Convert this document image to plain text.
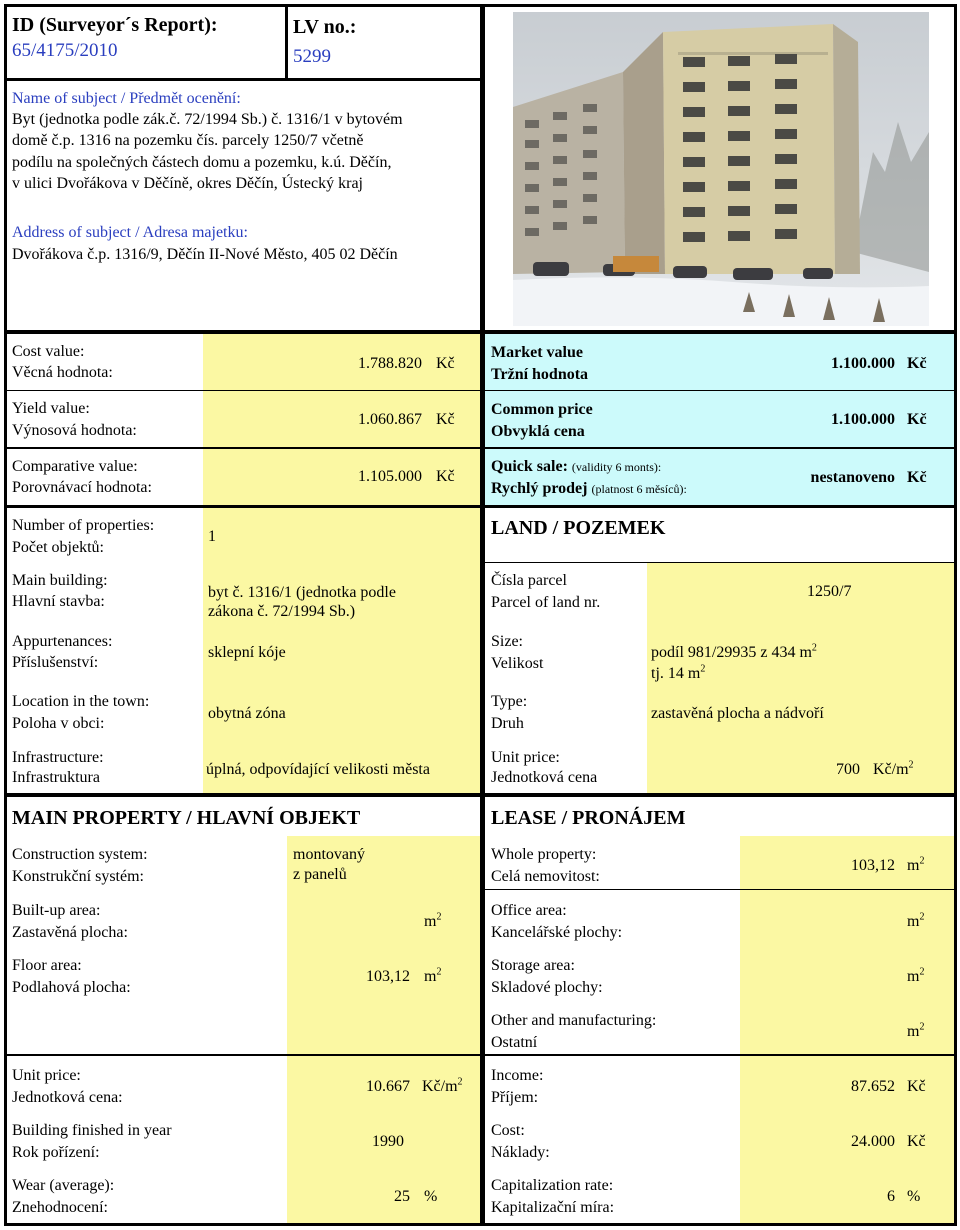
ID (Surveyor´s Report):
65/4175/2010
LV no.:
5299
Name of subject / Předmět ocenění:
Byt (jednotka podle zák.č. 72/1994 Sb.) č. 1316/1 v bytovém
domě č.p. 1316 na pozemku čís. parcely 1250/7 včetně
podílu na společných částech domu a pozemku, k.ú. Děčín,
v ulici Dvořákova v Děčíně, okres Děčín, Ústecký kraj
Address of subject / Adresa majetku:
Dvořákova č.p. 1316/9, Děčín II-Nové Město, 405 02 Děčín
Cost value:
Věcná hodnota:
1.788.820 Kč
Yield value:
Výnosová hodnota:
1.060.867 Kč
Comparative value:
Porovnávací hodnota:
1.105.000 Kč
Market value
Tržní hodnota
1.100.000 Kč
Common price
Obvyklá cena
1.100.000 Kč
Quick sale: (validity 6 monts):
Rychlý prodej (platnost 6 měsíců):
nestanoveno Kč
Number of properties:
Počet objektů:
1
Main building:
Hlavní stavba:
byt č. 1316/1 (jednotka podle
zákona č. 72/1994 Sb.)
Appurtenances:
Příslušenství:
sklepní kóje
Location in the town:
Poloha v obci:
obytná zóna
Infrastructure:
Infrastruktura	úplná, odpovídající velikosti města
LAND / POZEMEK
Čísla parcel
Parcel of land nr.
1250/7
Size:
Velikost
podíl 981/29935 z 434 $m^2$
tj. 14 $m^2$
Type:
Druh
zastavěná plocha a nádvoří
Unit price:
Jednotková cena	700 $Kč/m^2$
MAIN PROPERTY / HLAVNÍ OBJEKT
Construction system:
Konstrukční systém:
montovaný
z panelů
Built-up area:
Zastavěná plocha:
$m^2$
Floor area:
Podlahová plocha:
103,12 $m^2$
Unit price:
Jednotková cena:
10.667 $Kč/m^2$
Building finished in year
Rok pořízení:
1990
Wear (average):
Znehodnocení:
25 %
LEASE / PRONÁJEM
Whole property:
Celá nemovitost:
103,12 $m^2$
Office area:
Kancelářské plochy:
$m^2$
Storage area:
Skladové plochy:
$m^2$
Other and manufacturing:
Ostatní
$m^2$
Income:
Příjem:
87.652 Kč
Cost:
Náklady:
24.000 Kč
Capitalization rate:
Kapitalizační míra:
6 %
